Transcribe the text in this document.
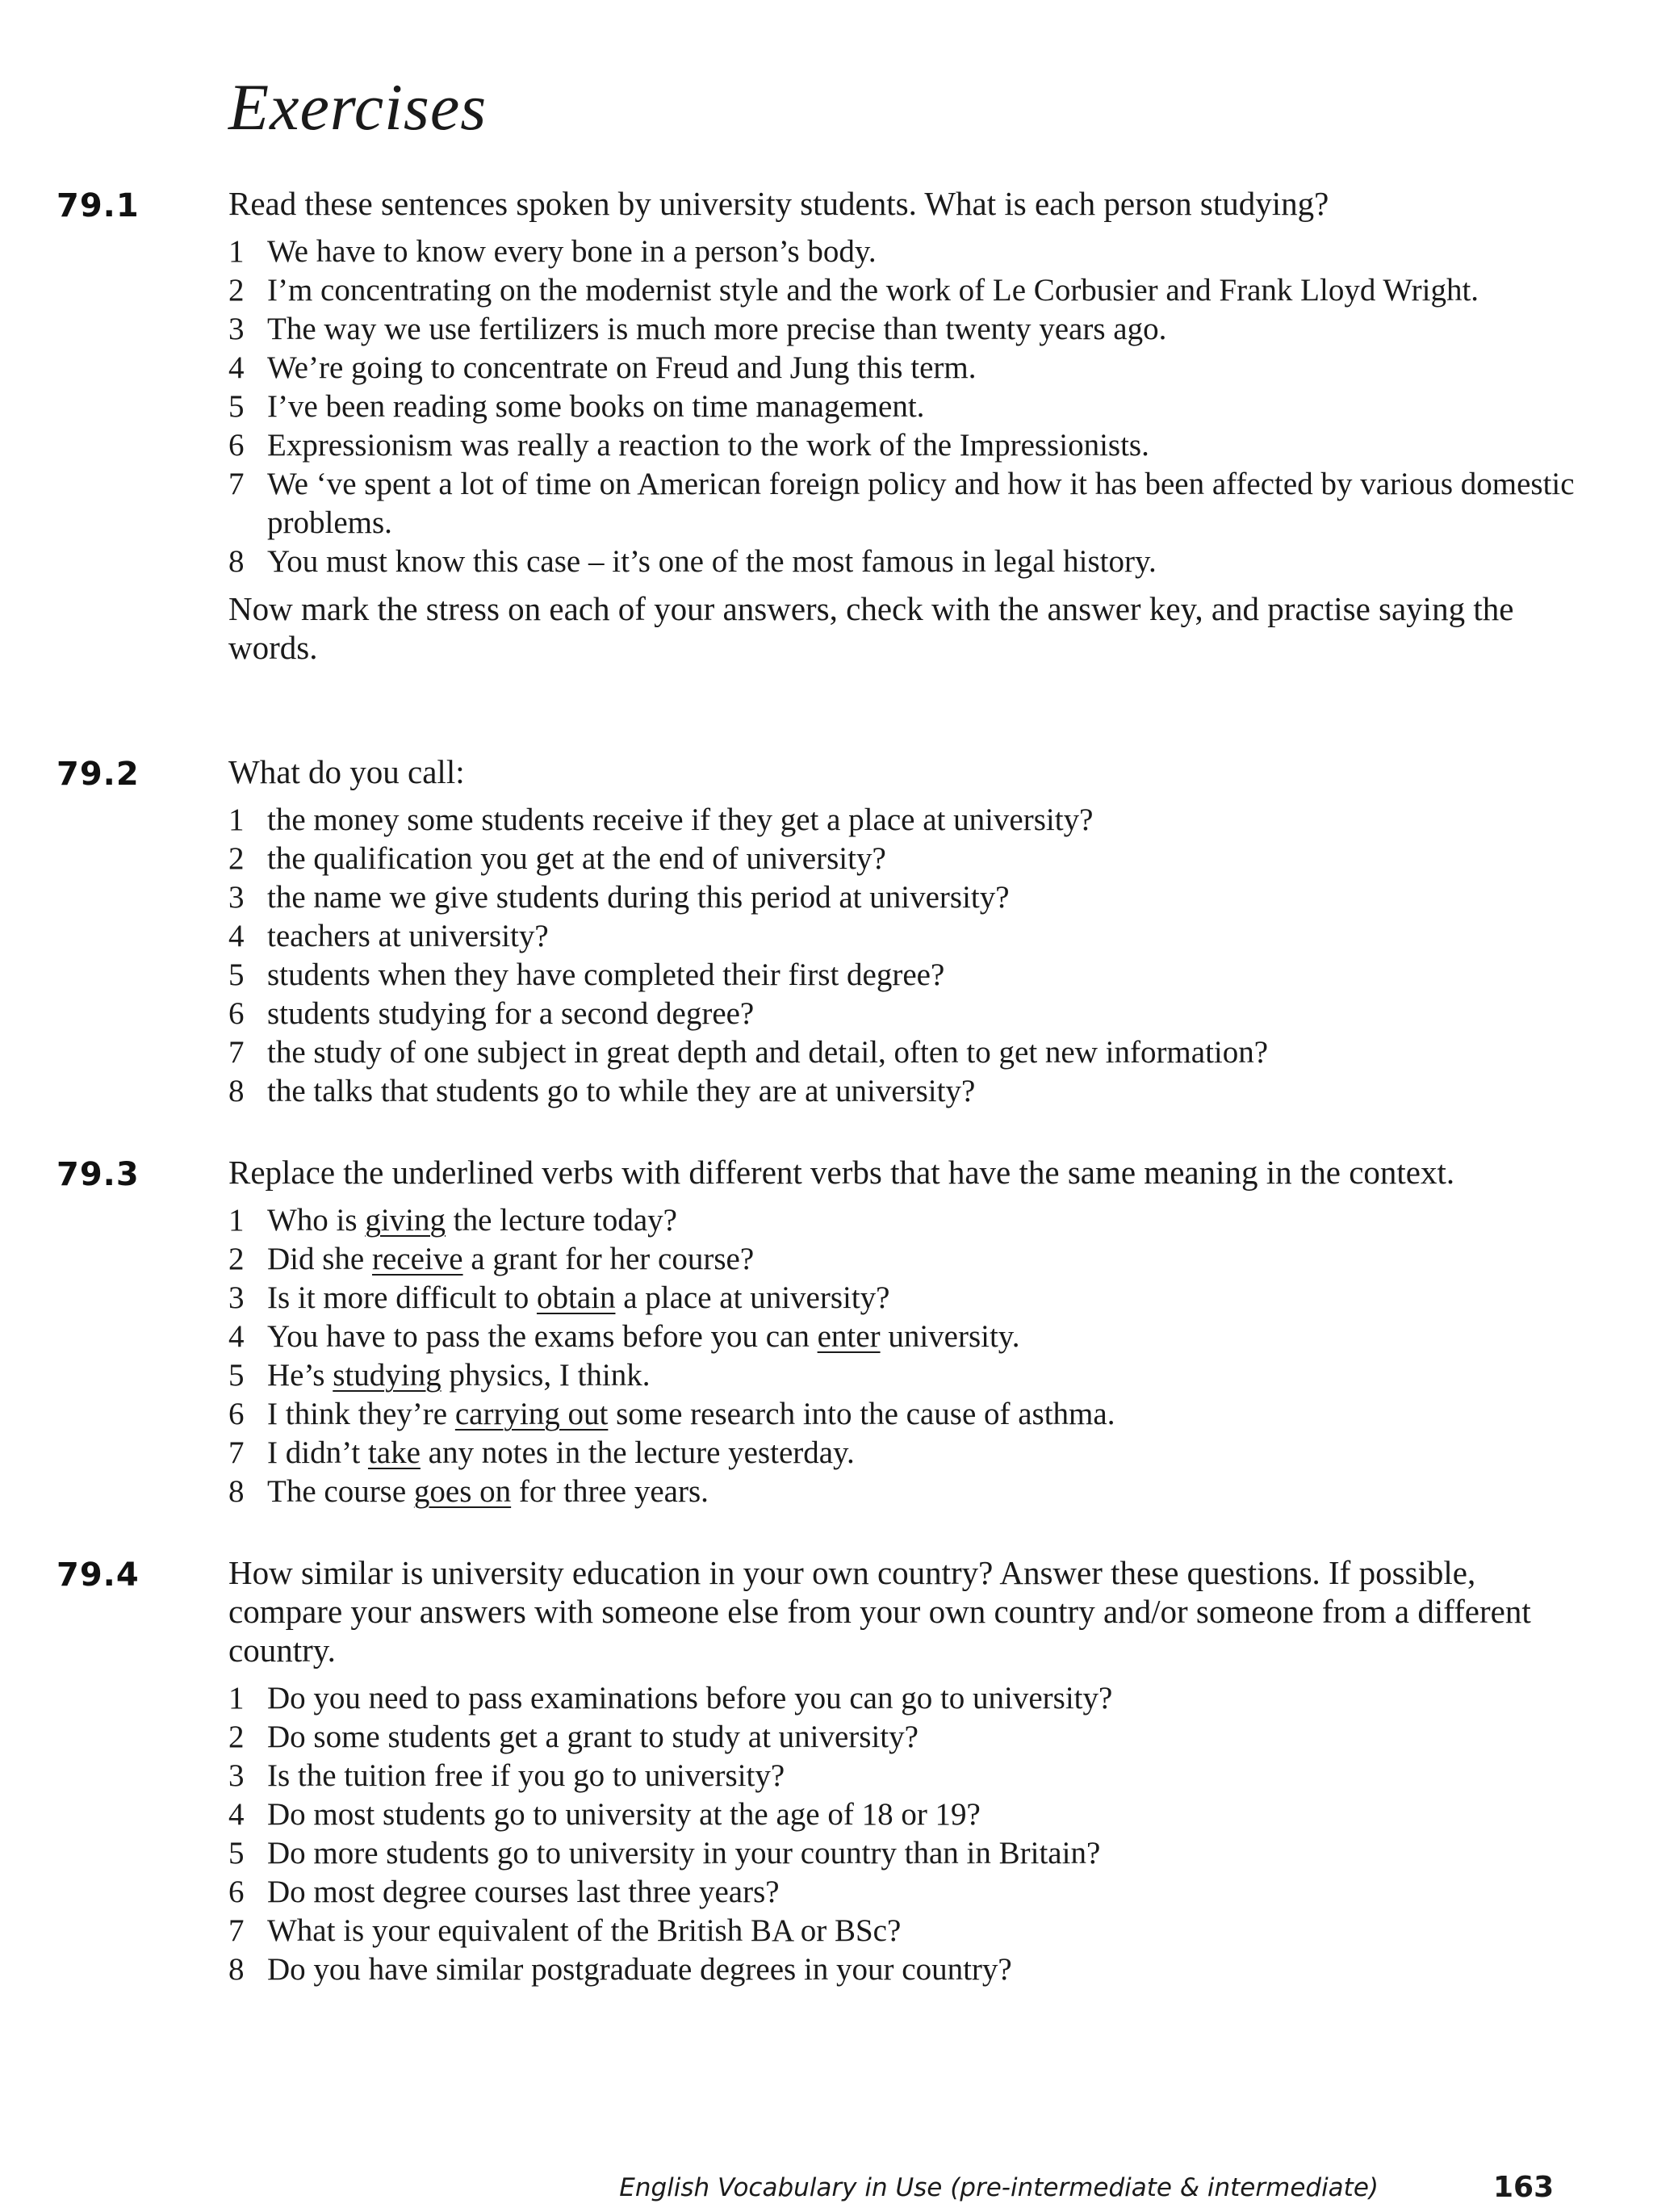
Exercises
79.1	Read these sentences spoken by university students. What is each person studying?

1 We have to know every bone in a person’s body.
2 I’m concentrating on the modernist style and the work of Le Corbusier and Frank Lloyd Wright.
3 The way we use fertilizers is much more precise than twenty years ago.
4 We’re going to concentrate on Freud and Jung this term.
5 I’ve been reading some books on time management.
6 Expressionism was really a reaction to the work of the Impressionists.
7 We ‘ve spent a lot of time on American foreign policy and how it has been affected by various domestic problems.
8 You must know this case – it’s one of the most famous in legal history.

Now mark the stress on each of your answers, check with the answer key, and practise saying the words.

79.2	What do you call:

1 the money some students receive if they get a place at university?
2 the qualification you get at the end of university?
3 the name we give students during this period at university?
4 teachers at university?
5 students when they have completed their first degree?
6 students studying for a second degree?
7 the study of one subject in great depth and detail, often to get new information?
8 the talks that students go to while they are at university?
79.3	Replace the underlined verbs with different verbs that have the same meaning in the context.

1 Who is giving the lecture today?
2 Did she receive a grant for her course?
3 Is it more difficult to obtain a place at university?
4 You have to pass the exams before you can enter university.
5 He’s studying physics, I think.
6 I think they’re carrying out some research into the cause of asthma.
7 I didn’t take any notes in the lecture yesterday.
8 The course goes on for three years.
79.4	How similar is university education in your own country? Answer these questions. If possible, compare your answers with someone else from your own country and/or someone from a different country.

1 Do you need to pass examinations before you can go to university?
2 Do some students get a grant to study at university?
3 Is the tuition free if you go to university?
4 Do most students go to university at the age of 18 or 19?
5 Do more students go to university in your country than in Britain?
6 Do most degree courses last three years?
7 What is your equivalent of the British BA or BSc?
8 Do you have similar postgraduate degrees in your country?
English Vocabulary in Use (pre-intermediate & intermediate)	163
